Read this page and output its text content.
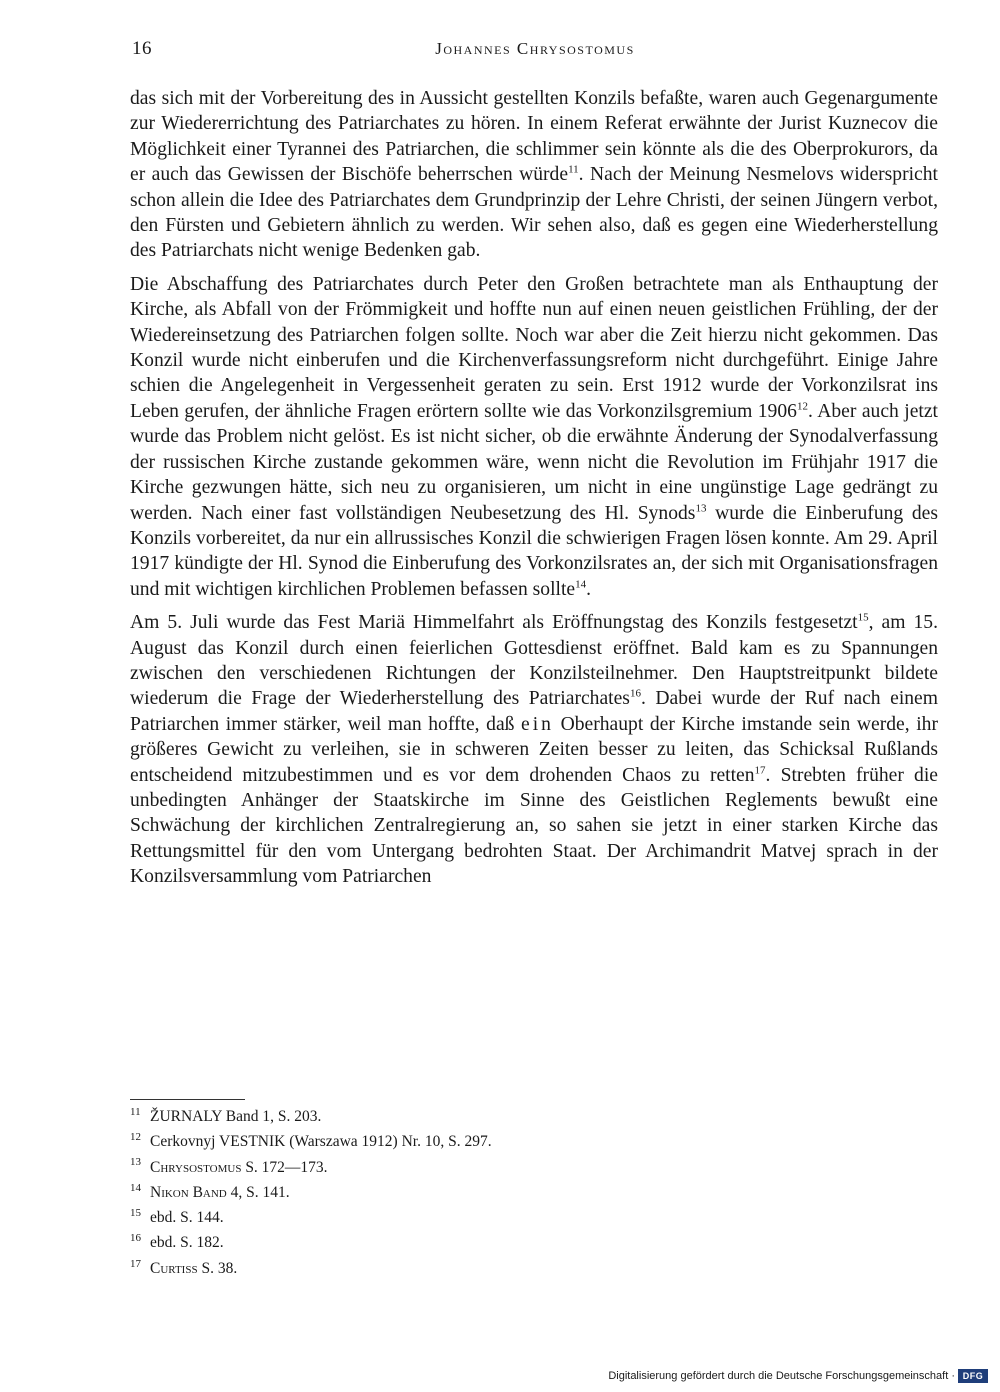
16	Johannes Chrysostomus

das sich mit der Vorbereitung des in Aussicht gestellten Konzils befaßte, waren auch Gegenargumente zur Wiedererrichtung des Patriarchates zu hören. In einem Referat erwähnte der Jurist Kuznecov die Möglichkeit einer Tyrannei des Patriarchen, die schlimmer sein könnte als die des Oberprokurors, da er auch das Gewissen der Bischöfe beherrschen würde$^{11}$. Nach der Meinung Nesmelovs widerspricht schon allein die Idee des Patriarchates dem Grundprinzip der Lehre Christi, der seinen Jüngern verbot, den Fürsten und Gebietern ähnlich zu werden. Wir sehen also, daß es gegen eine Wiederherstellung des Patriarchats nicht wenige Bedenken gab.

Die Abschaffung des Patriarchates durch Peter den Großen betrachtete man als Enthauptung der Kirche, als Abfall von der Frömmigkeit und hoffte nun auf einen neuen geistlichen Frühling, der der Wiedereinsetzung des Patriarchen folgen sollte. Noch war aber die Zeit hierzu nicht gekommen. Das Konzil wurde nicht einberufen und die Kirchenverfassungsreform nicht durchgeführt. Einige Jahre schien die Angelegenheit in Vergessenheit geraten zu sein. Erst 1912 wurde der Vorkonzilsrat ins Leben gerufen, der ähnliche Fragen erörtern sollte wie das Vorkonzilsgremium 1906$^{12}$. Aber auch jetzt wurde das Problem nicht gelöst. Es ist nicht sicher, ob die erwähnte Änderung der Synodalverfassung der russischen Kirche zustande gekommen wäre, wenn nicht die Revolution im Frühjahr 1917 die Kirche gezwungen hätte, sich neu zu organisieren, um nicht in eine ungünstige Lage gedrängt zu werden. Nach einer fast vollständigen Neubesetzung des Hl. Synods$^{13}$ wurde die Einberufung des Konzils vorbereitet, da nur ein allrussisches Konzil die schwierigen Fragen lösen konnte. Am 29. April 1917 kündigte der Hl. Synod die Einberufung des Vorkonzilsrates an, der sich mit Organisationsfragen und mit wichtigen kirchlichen Problemen befassen sollte$^{14}$.

Am 5. Juli wurde das Fest Mariä Himmelfahrt als Eröffnungstag des Konzils festgesetzt$^{15}$, am 15. August das Konzil durch einen feierlichen Gottesdienst eröffnet. Bald kam es zu Spannungen zwischen den verschiedenen Richtungen der Konzilsteilnehmer. Den Hauptstreitpunkt bildete wiederum die Frage der Wiederherstellung des Patriarchates$^{16}$. Dabei wurde der Ruf nach einem Patriarchen immer stärker, weil man hoffte, daß ein Oberhaupt der Kirche imstande sein werde, ihr größeres Gewicht zu verleihen, sie in schweren Zeiten besser zu leiten, das Schicksal Rußlands entscheidend mitzubestimmen und es vor dem drohenden Chaos zu retten$^{17}$. Strebten früher die unbedingten Anhänger der Staatskirche im Sinne des Geistlichen Reglements bewußt eine Schwächung der kirchlichen Zentralregierung an, so sahen sie jetzt in einer starken Kirche das Rettungsmittel für den vom Untergang bedrohten Staat. Der Archimandrit Matvej sprach in der Konzilsversammlung vom Patriarchen

$^{11}$ ŽURNALY Band 1, S. 203.
$^{12}$ Cerkovnyj VESTNIK (Warszawa 1912) Nr. 10, S. 297.
$^{13}$ Chrysostomus S. 172—173.
$^{14}$ Nikon Band 4, S. 141.
$^{15}$ ebd. S. 144.
$^{16}$ ebd. S. 182.
$^{17}$ Curtiss S. 38.
Digitalisierung gefördert durch die Deutsche Forschungsgemeinschaft · DFG
